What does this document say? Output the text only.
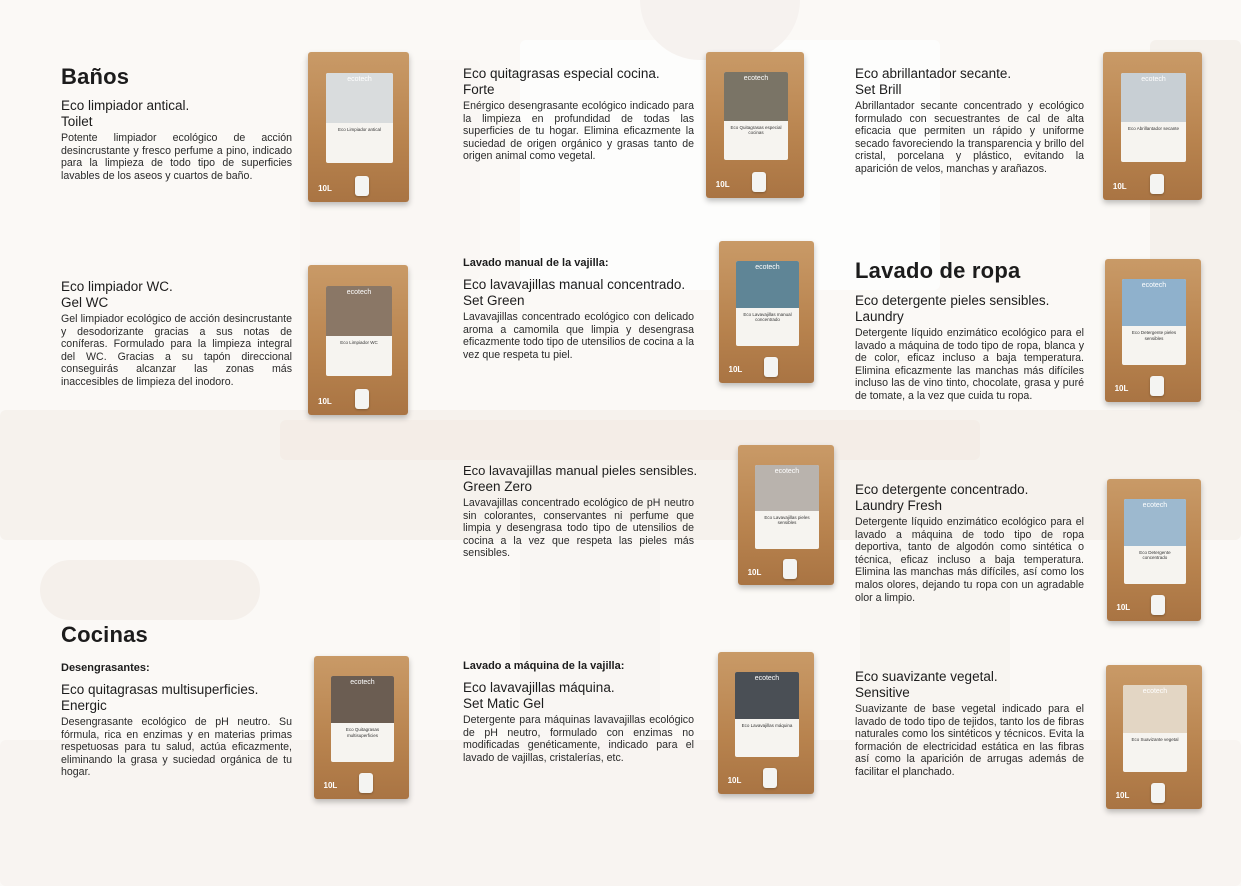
Baños
Cocinas
Lavado de ropa
Eco limpiador antical.
Toilet
Potente limpiador ecológico de acción desincrustante y fresco perfume a pino, indicado para la limpieza de todo tipo de superficies lavables de los aseos y cuartos de baño.
Eco limpiador WC.
Gel WC
Gel limpiador ecológico de acción desincrustante y desodorizante gracias a sus notas de coníferas. Formulado para la limpieza integral del WC. Gracias a su tapón direccional conseguirás alcanzar las zonas más inaccesibles de limpieza del inodoro.
Desengrasantes:
Eco quitagrasas multisuperficies.
Energic
Desengrasante ecológico de pH neutro. Su fórmula, rica en enzimas y en materias primas respetuosas para tu salud, actúa eficazmente, eliminando la grasa y suciedad orgánica de tu hogar.
Eco quitagrasas especial cocina.
Forte
Enérgico desengrasante ecológico indicado para la limpieza en profundidad de todas las superficies de tu hogar. Elimina eficazmente la suciedad de origen orgánico y grasas tanto de origen animal como vegetal.
Lavado manual de la vajilla:
Eco lavavajillas manual concentrado.
Set Green
Lavavajillas concentrado ecológico con delicado aroma a camomila que limpia y desengrasa eficazmente todo tipo de utensilios de cocina a la vez que respeta tu piel.
Eco lavavajillas manual pieles sensibles.
Green Zero
Lavavajillas concentrado ecológico de pH neutro sin colorantes, conservantes ni perfume que limpia y desengrasa todo tipo de utensilios de cocina a la vez que respeta las pieles más sensibles.
Lavado a máquina de la vajilla:
Eco lavavajillas máquina.
Set Matic Gel
Detergente para máquinas lavavajillas ecológico de pH neutro, formulado con enzimas no modificadas genéticamente, indicado para el lavado de vajillas, cristalerías, etc.
Eco abrillantador secante.
Set Brill
Abrillantador secante concentrado y ecológico formulado con secuestrantes de cal de alta eficacia que permiten un rápido y uniforme secado favoreciendo la transparencia y brillo del cristal, porcelana y plástico, evitando la aparición de velos, manchas y arañazos.
Eco detergente pieles sensibles.
Laundry
Detergente líquido enzimático ecológico para el lavado a máquina de todo tipo de ropa, blanca y de color, eficaz incluso a baja temperatura. Elimina eficazmente las manchas más difíciles incluso las de vino tinto, chocolate, grasa y puré de tomate, a la vez que cuida tu ropa.
Eco detergente concentrado.
Laundry Fresh
Detergente líquido enzimático ecológico para el lavado a máquina de todo tipo de ropa deportiva, tanto de algodón como sintética o técnica, eficaz incluso a baja temperatura. Elimina las manchas más difíciles, así como los malos olores, dejando tu ropa con un agradable olor a limpio.
Eco suavizante vegetal.
Sensitive
Suavizante de base vegetal indicado para el lavado de todo tipo de tejidos, tanto los de fibras naturales como los sintéticos y técnicos. Evita la formación de electricidad estática en las fibras así como la aparición de arrugas además de facilitar el planchado.
ecotech
Eco Limpiador antical
10L
ecotech
Eco Limpiador WC
10L
ecotech
Eco Quitagrasas multisuperficies
10L
ecotech
Eco Quitagrasas especial cocinas
10L
ecotech
Eco Lavavajillas manual concentrado
10L
ecotech
Eco Lavavajillas pieles sensibles
10L
ecotech
Eco Lavavajillas máquina
10L
ecotech
Eco Abrillantador secante
10L
ecotech
Eco Detergente pieles sensibles
10L
ecotech
Eco Detergente concentrado
10L
ecotech
Eco Suavizante vegetal
10L
